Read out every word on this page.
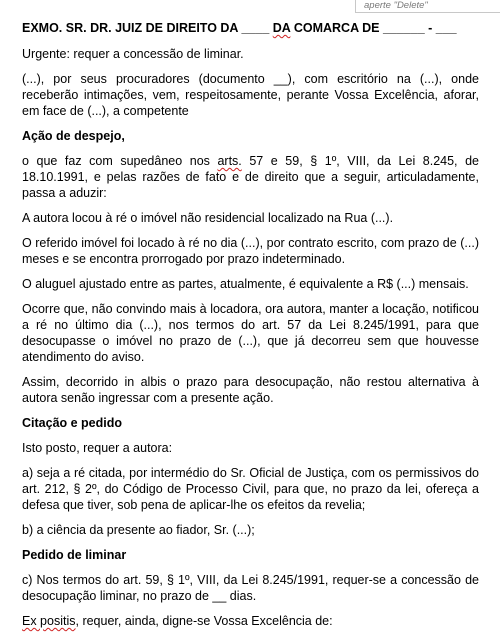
aperte "Delete"

EXMO. SR. DR. JUIZ DE DIREITO DA ____ DA COMARCA DE ______ - ___

Urgente: requer a concessão de liminar.

(...), por seus procuradores (documento __), com escritório na (...), onde receberão intimações, vem, respeitosamente, perante Vossa Excelência, aforar, em face de (...), a competente

Ação de despejo,

o que faz com supedâneo nos arts. 57 e 59, § 1º, VIII, da Lei 8.245, de 18.10.1991, e pelas razões de fato e de direito que a seguir, articuladamente, passa a aduzir:

A autora locou à ré o imóvel não residencial localizado na Rua (...).

O referido imóvel foi locado à ré no dia (...), por contrato escrito, com prazo de (...) meses e se encontra prorrogado por prazo indeterminado.

O aluguel ajustado entre as partes, atualmente, é equivalente a R$ (...) mensais.

Ocorre que, não convindo mais à locadora, ora autora, manter a locação, notificou a ré no último dia (...), nos termos do art. 57 da Lei 8.245/1991, para que desocupasse o imóvel no prazo de (...), que já decorreu sem que houvesse atendimento do aviso.

Assim, decorrido in albis o prazo para desocupação, não restou alternativa à autora senão ingressar com a presente ação.

Citação e pedido

Isto posto, requer a autora:

a) seja a ré citada, por intermédio do Sr. Oficial de Justiça, com os permissivos do art. 212, § 2º, do Código de Processo Civil, para que, no prazo da lei, ofereça a defesa que tiver, sob pena de aplicar-lhe os efeitos da revelia;

b) a ciência da presente ao fiador, Sr. (...);

Pedido de liminar

c) Nos termos do art. 59, § 1º, VIII, da Lei 8.245/1991, requer-se a concessão de desocupação liminar, no prazo de __ dias.

Ex positis, requer, ainda, digne-se Vossa Excelência de:
